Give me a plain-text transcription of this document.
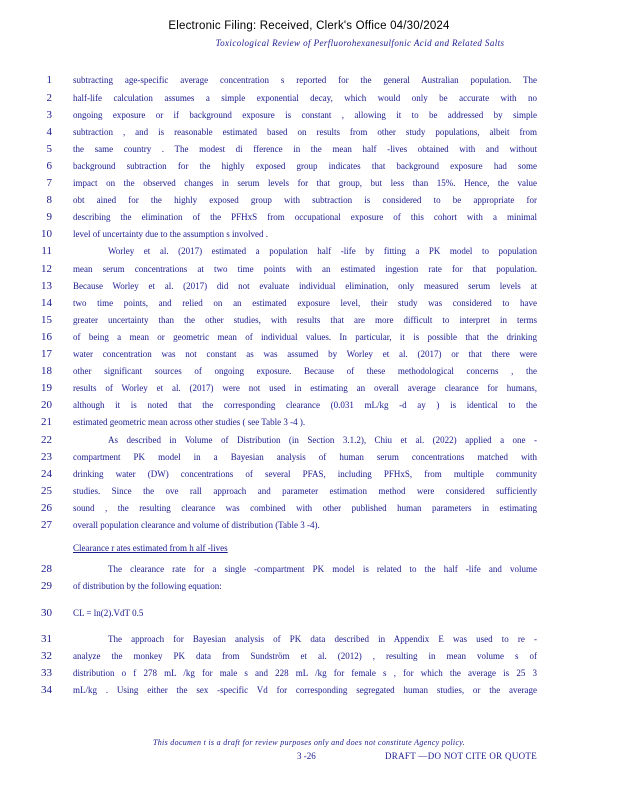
Electronic Filing: Received, Clerk's Office 04/30/2024
Toxicological Review of Perfluorohexanesulfonic Acid and Related Salts
1 subtracting age-specific average concentration s reported for the general Australian population. The
2 half-life calculation assumes a simple exponential decay, which would only be accurate with no
3 ongoing exposure or if background exposure is constant , allowing it to be addressed by simple
4 subtraction , and is reasonable estimated based on results from other study populations, albeit from
5 the same country . The modest di fference in the mean half -lives obtained with and without
6 background subtraction for the highly exposed group indicates that background exposure had some
7 impact on the observed changes in serum levels for that group, but less than 15%. Hence, the value
8 obt ained for the highly exposed group with subtraction is considered to be appropriate for
9 describing the elimination of the PFHxS from occupational exposure of this cohort with a minimal
10 level of uncertainty due to the assumption s involved .
11	Worley et al. (2017) estimated a population half -life by fitting a PK model to population
12 mean serum concentrations at two time points with an estimated ingestion rate for that population.
13 Because Worley et al. (2017) did not evaluate individual elimination, only measured serum levels at
14 two time points, and relied on an estimated exposure level, their study was considered to have
15 greater uncertainty than the other studies, with results that are more difficult to interpret in terms
16 of being a mean or geometric mean of individual values. In particular, it is possible that the drinking
17 water concentration was not constant as was assumed by Worley et al. (2017) or that there were
18 other significant sources of ongoing exposure. Because of these methodological concerns , the
19 results of Worley et al. (2017) were not used in estimating an overall average clearance for humans,
20 although it is noted that the corresponding clearance (0.031 mL/kg -d ay ) is identical to the
21 estimated geometric mean across other studies ( see Table 3 -4 ).
22	As described in Volume of Distribution (in Section 3.1.2), Chiu et al. (2022) applied a one -
23 compartment PK model in a Bayesian analysis of human serum concentrations matched with
24 drinking water (DW) concentrations of several PFAS, including PFHxS, from multiple community
25 studies. Since the ove rall approach and parameter estimation method were considered sufficiently
26 sound , the resulting clearance was combined with other published human parameters in estimating
27 overall population clearance and volume of distribution (Table 3 -4).
Clearance r ates estimated from h alf -lives
28	The clearance rate for a single -compartment PK model is related to the half -life and volume
29 of distribution by the following equation:
30 CL = ln(2).VdT 0.5
31	The approach for Bayesian analysis of PK data described in Appendix E was used to re -
32 analyze the monkey PK data from Sundström et al. (2012) , resulting in mean volume s of
33 distribution o f 278 mL /kg for male s and 228 mL /kg for female s , for which the average is 25 3
34 mL/kg . Using either the sex -specific Vd for corresponding segregated human studies, or the average
This documen t is a draft for review purposes only and does not constitute Agency policy.
3 -26	DRAFT —DO NOT CITE OR QUOTE
